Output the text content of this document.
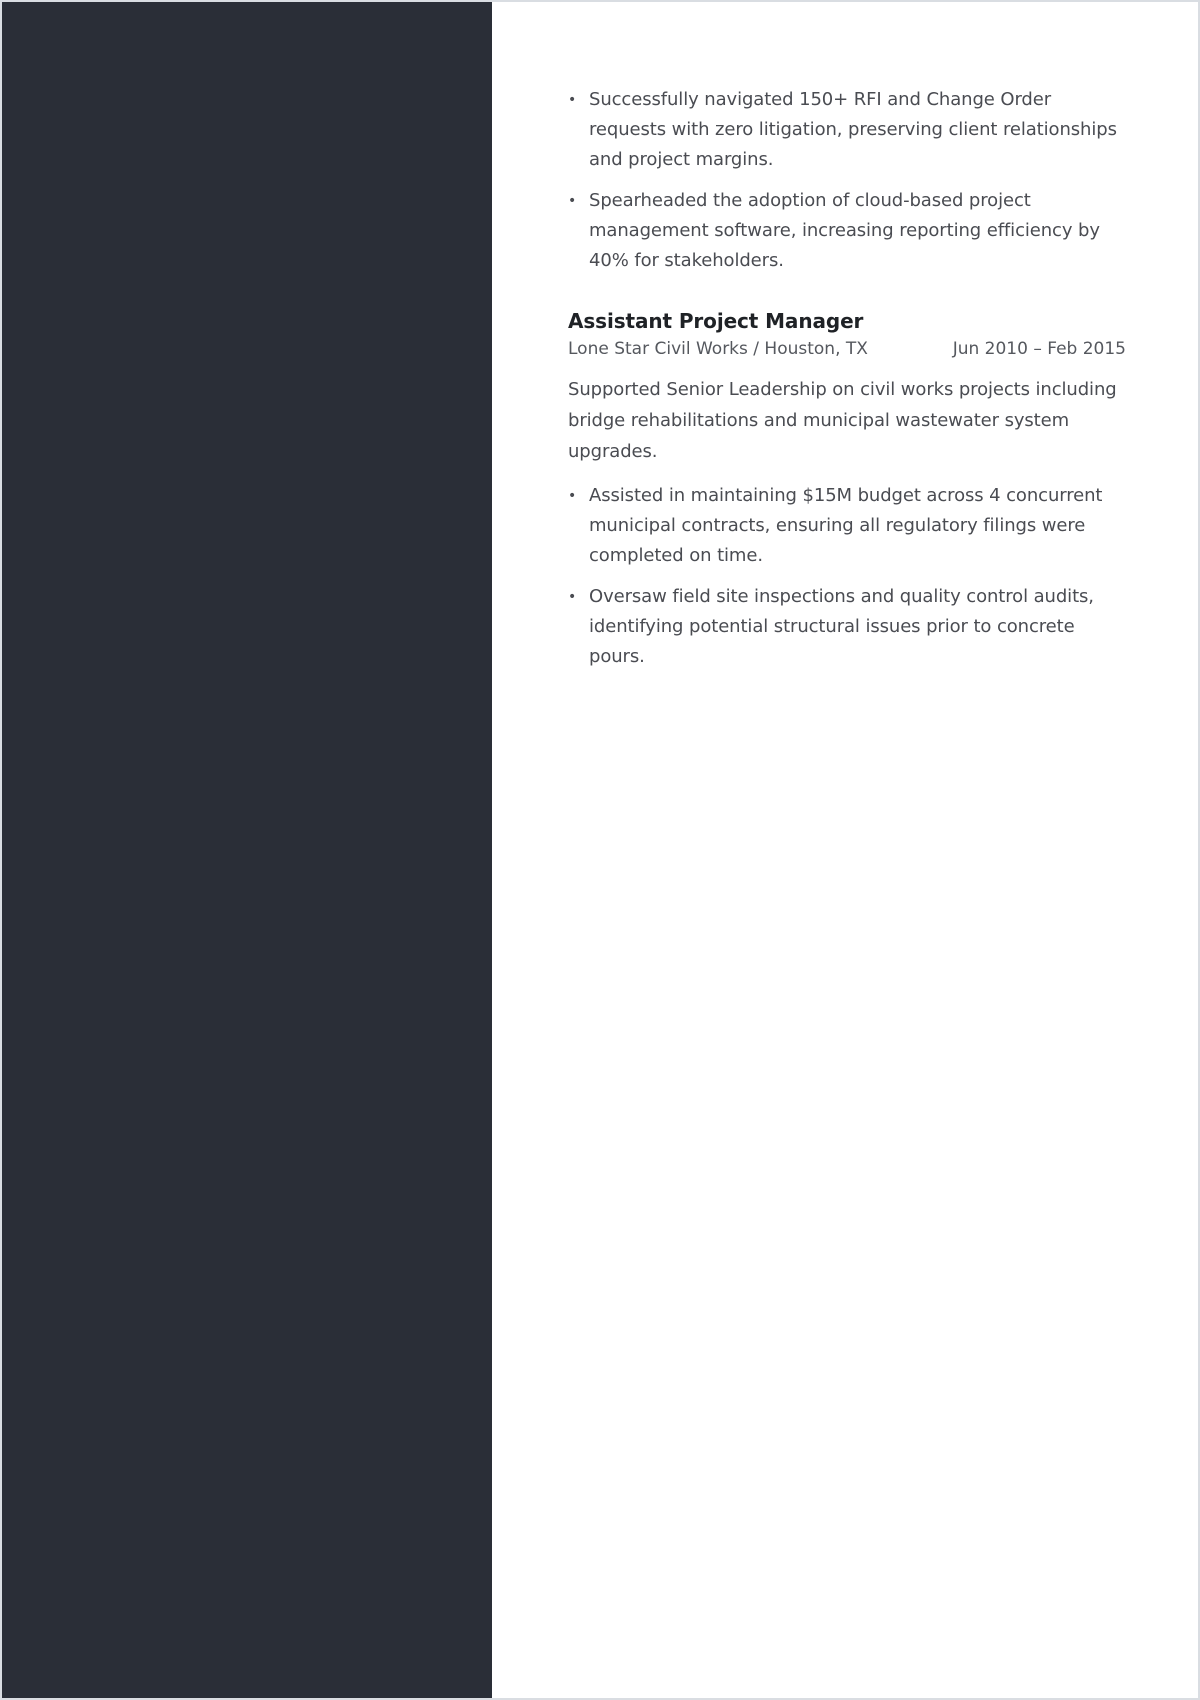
• Successfully navigated 150+ RFI and Change Order requests with zero litigation, preserving client relationships and project margins.
• Spearheaded the adoption of cloud-based project management software, increasing reporting efficiency by 40% for stakeholders.
Assistant Project Manager
Lone Star Civil Works / Houston, TX	Jun 2010 – Feb 2015
Supported Senior Leadership on civil works projects including bridge rehabilitations and municipal wastewater system upgrades.
• Assisted in maintaining $15M budget across 4 concurrent municipal contracts, ensuring all regulatory filings were completed on time.
• Oversaw field site inspections and quality control audits, identifying potential structural issues prior to concrete pours.
